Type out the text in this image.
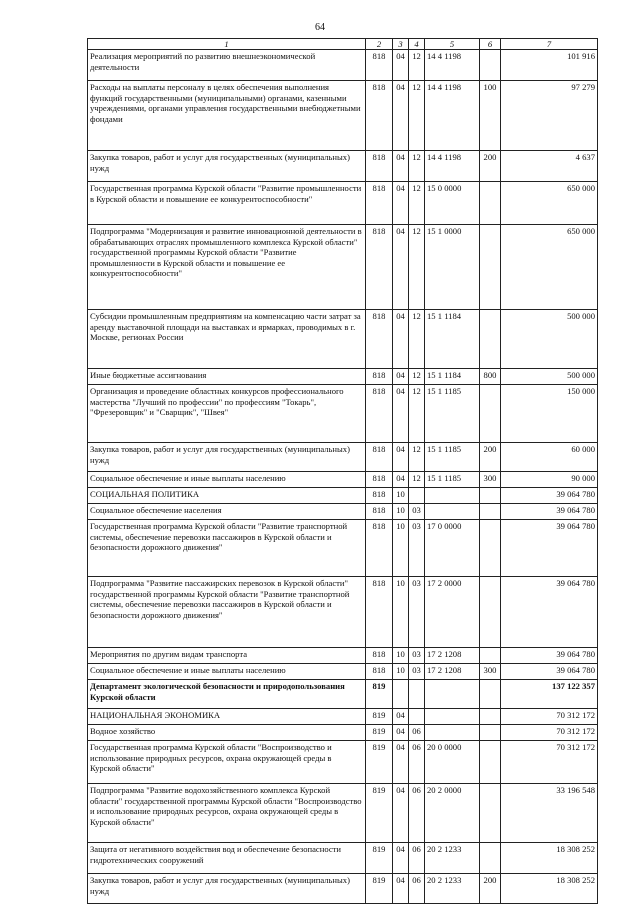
64
1	2	3	4	5	6	7
Реализация мероприятий по развитию внешнеэкономической деятельности	818	04	12	14 4 1198		101 916
Расходы на выплаты персоналу в целях обеспечения выполнения функций государственными (муниципальными) органами, казенными учреждениями, органами управления государственными внебюджетными фондами	818	04	12	14 4 1198	100	97 279
Закупка товаров, работ и услуг для государственных (муниципальных) нужд	818	04	12	14 4 1198	200	4 637
Государственная программа Курской области "Развитие промышленности в Курской области и повышение ее конкурентоспособности"	818	04	12	15 0 0000		650 000
Подпрограмма "Модернизация и развитие инновационной деятельности в обрабатывающих отраслях промышленного комплекса Курской области" государственной программы Курской области "Развитие промышленности в Курской области и повышение ее конкурентоспособности"	818	04	12	15 1 0000		650 000
Субсидии промышленным предприятиям на компенсацию части затрат за аренду выставочной площади на выставках и ярмарках, проводимых в г. Москве, регионах России	818	04	12	15 1 1184		500 000
Иные бюджетные ассигнования	818	04	12	15 1 1184	800	500 000
Организация и проведение областных конкурсов профессионального мастерства "Лучший по профессии" по профессиям "Токарь", "Фрезеровщик" и "Сварщик", "Швея"	818	04	12	15 1 1185		150 000
Закупка товаров, работ и услуг для государственных (муниципальных) нужд	818	04	12	15 1 1185	200	60 000
Социальное обеспечение и иные выплаты населению	818	04	12	15 1 1185	300	90 000
СОЦИАЛЬНАЯ ПОЛИТИКА	818	10				39 064 780
Социальное обеспечение населения	818	10	03			39 064 780
Государственная программа Курской области "Развитие транспортной системы, обеспечение перевозки пассажиров в Курской области и безопасности дорожного движения"	818	10	03	17 0 0000		39 064 780
Подпрограмма "Развитие пассажирских перевозок в Курской области" государственной программы Курской области "Развитие транспортной системы, обеспечение перевозки пассажиров в Курской области и безопасности дорожного движения"	818	10	03	17 2 0000		39 064 780
Мероприятия по другим видам транспорта	818	10	03	17 2 1208		39 064 780
Социальное обеспечение и иные выплаты населению	818	10	03	17 2 1208	300	39 064 780
Департамент экологической безопасности и природопользования Курской области	819					137 122 357
НАЦИОНАЛЬНАЯ ЭКОНОМИКА	819	04				70 312 172
Водное хозяйство	819	04	06			70 312 172
Государственная программа Курской области "Воспроизводство и использование природных ресурсов, охрана окружающей среды в Курской области"	819	04	06	20 0 0000		70 312 172
Подпрограмма "Развитие водохозяйственного комплекса Курской области" государственной программы Курской области "Воспроизводство и использование природных ресурсов, охрана окружающей среды в Курской области"	819	04	06	20 2 0000		33 196 548
Защита от негативного воздействия вод и обеспечение безопасности гидротехнических сооружений	819	04	06	20 2 1233		18 308 252
Закупка товаров, работ и услуг для государственных (муниципальных) нужд	819	04	06	20 2 1233	200	18 308 252
